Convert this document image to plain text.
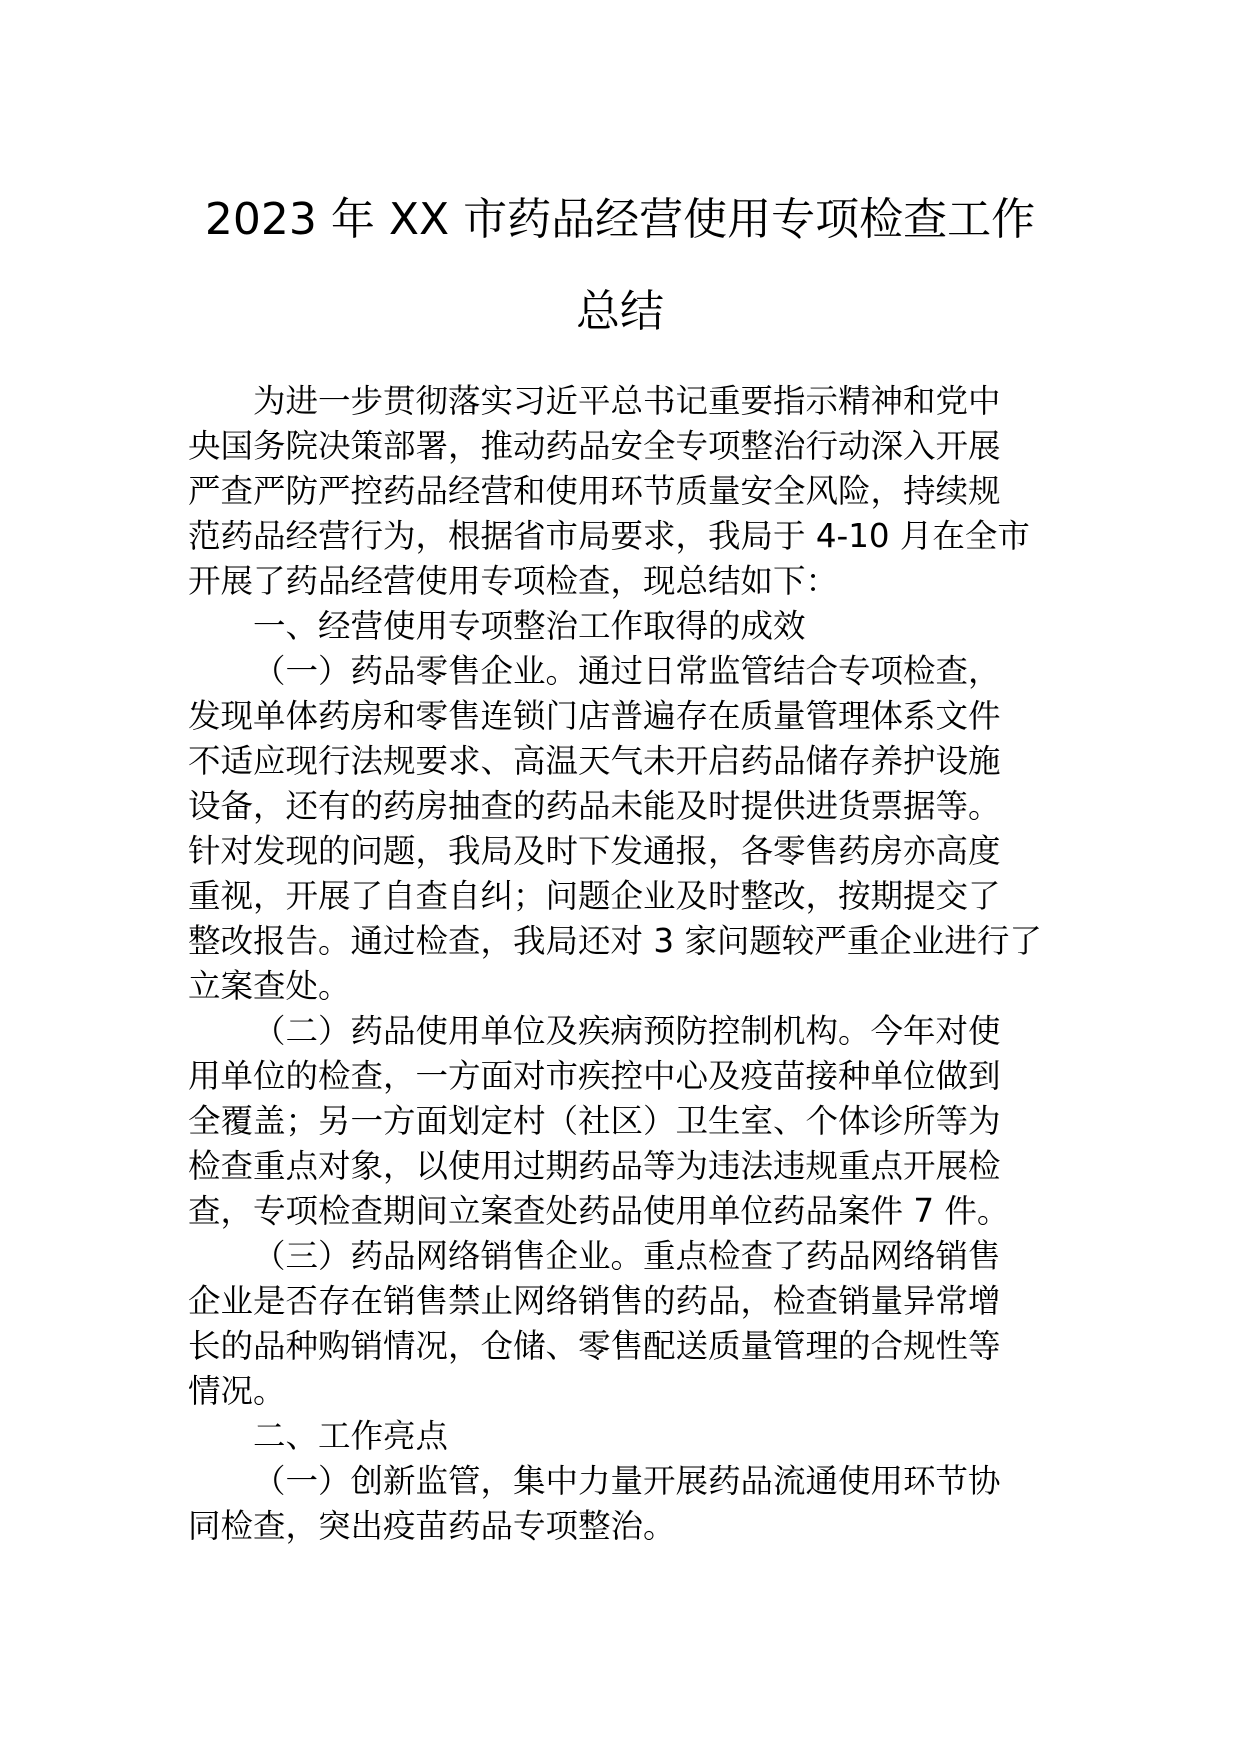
2023 年 XX 市药品经营使用专项检查工作
总结
为进一步贯彻落实习近平总书记重要指示精神和党中
央国务院决策部署，推动药品安全专项整治行动深入开展
严查严防严控药品经营和使用环节质量安全风险，持续规
范药品经营行为，根据省市局要求，我局于 4-10 月在全市
开展了药品经营使用专项检查，现总结如下：
一、经营使用专项整治工作取得的成效
（一）药品零售企业。通过日常监管结合专项检查，
发现单体药房和零售连锁门店普遍存在质量管理体系文件
不适应现行法规要求、高温天气未开启药品储存养护设施
设备，还有的药房抽查的药品未能及时提供进货票据等。
针对发现的问题，我局及时下发通报，各零售药房亦高度
重视，开展了自查自纠；问题企业及时整改，按期提交了
整改报告。通过检查，我局还对 3 家问题较严重企业进行了
立案查处。
（二）药品使用单位及疾病预防控制机构。今年对使
用单位的检查，一方面对市疾控中心及疫苗接种单位做到
全覆盖；另一方面划定村（社区）卫生室、个体诊所等为
检查重点对象，以使用过期药品等为违法违规重点开展检
查，专项检查期间立案查处药品使用单位药品案件 7 件。
（三）药品网络销售企业。重点检查了药品网络销售
企业是否存在销售禁止网络销售的药品，检查销量异常增
长的品种购销情况，仓储、零售配送质量管理的合规性等
情况。
二、工作亮点
（一）创新监管，集中力量开展药品流通使用环节协
同检查，突出疫苗药品专项整治。
